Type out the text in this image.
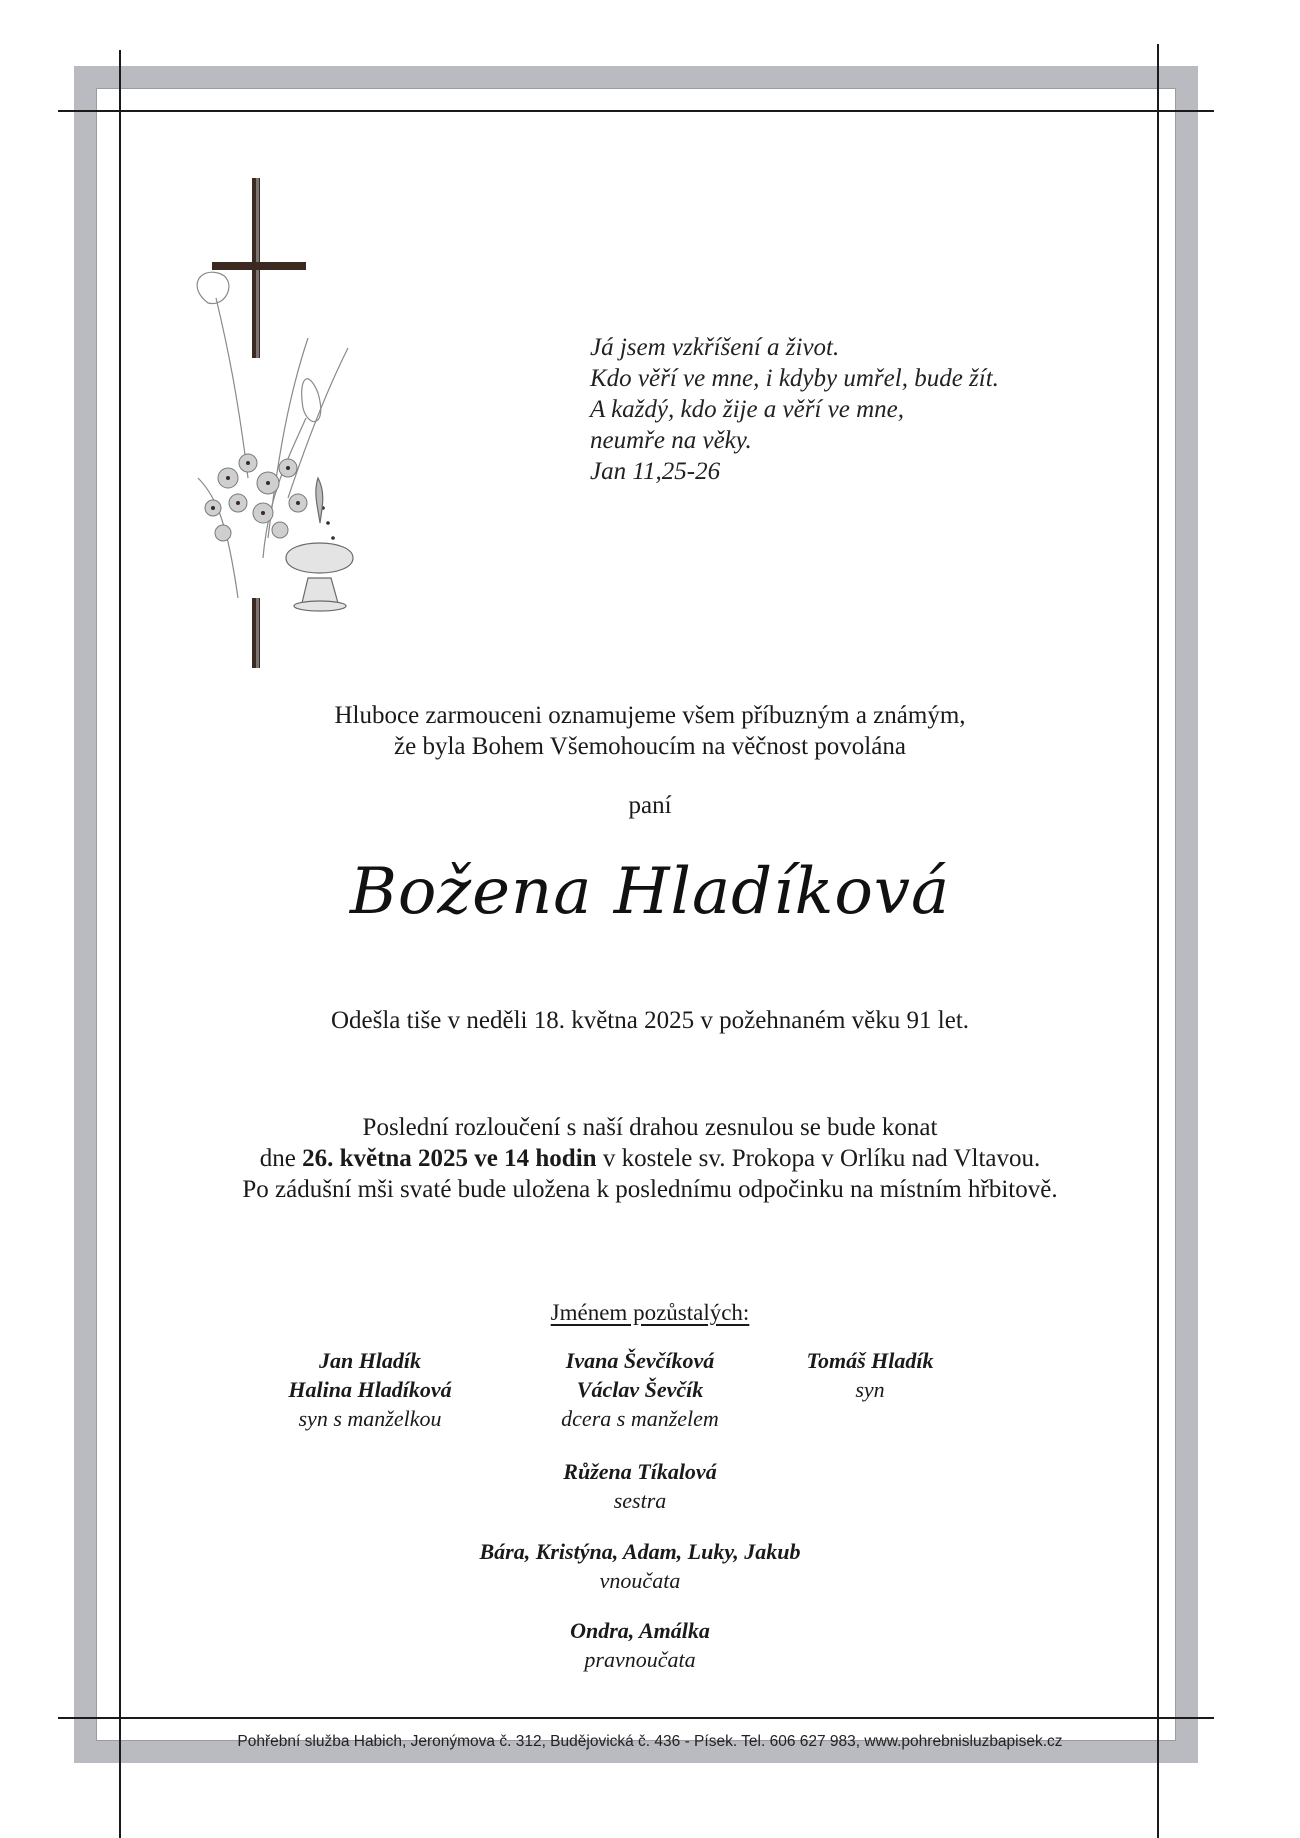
Já jsem vzkříšení a život.
Kdo věří ve mne, i kdyby umřel, bude žít.
A každý, kdo žije a věří ve mne,
neumře na věky.
Jan 11,25-26
Hluboce zarmouceni oznamujeme všem příbuzným a známým,
že byla Bohem Všemohoucím na věčnost povolána
paní
Božena Hladíková
Odešla tiše v neděli 18. května 2025 v požehnaném věku 91 let.
Poslední rozloučení s naší drahou zesnulou se bude konat
dne 26. května 2025 ve 14 hodin v kostele sv. Prokopa v Orlíku nad Vltavou.
Po zádušní mši svaté bude uložena k poslednímu odpočinku na místním hřbitově.
Jménem pozůstalých:
Jan Hladík
Halina Hladíková
syn s manželkou
Ivana Ševčíková
Václav Ševčík
dcera s manželem
Tomáš Hladík
syn
Růžena Tíkalová
sestra
Bára, Kristýna, Adam, Luky, Jakub
vnoučata
Ondra, Amálka
pravnoučata
Pohřební služba Habich, Jeronýmova č. 312, Budějovická č. 436 - Písek. Tel. 606 627 983, www.pohrebnisluzbapisek.cz
